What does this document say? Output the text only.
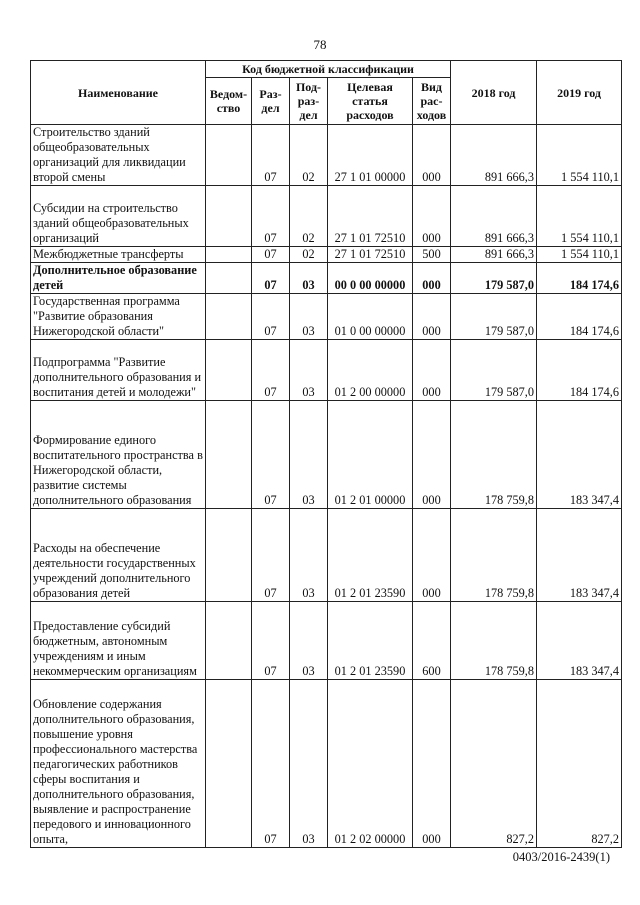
78
Наименование	Код бюджетной классификации					2018 год	2019 год
	Ведом-ство	Раз-дел	Под-раз-дел	Целевая статья расходов	Вид рас-ходов		
Строительство зданий общеобразовательных организаций для ликвидации второй смены		07	02	27 1 01 00000	000	891 666,3	1 554 110,1
Субсидии на строительство зданий общеобразовательных организаций		07	02	27 1 01 72510	000	891 666,3	1 554 110,1
Межбюджетные трансферты		07	02	27 1 01 72510	500	891 666,3	1 554 110,1
Дополнительное образование детей		07	03	00 0 00 00000	000	179 587,0	184 174,6
Государственная программа "Развитие образования Нижегородской области"		07	03	01 0 00 00000	000	179 587,0	184 174,6
Подпрограмма "Развитие дополнительного образования и воспитания детей и молодежи"		07	03	01 2 00 00000	000	179 587,0	184 174,6
Формирование единого воспитательного пространства в Нижегородской области, развитие системы дополнительного образования		07	03	01 2 01 00000	000	178 759,8	183 347,4
Расходы на обеспечение деятельности государственных учреждений дополнительного образования детей		07	03	01 2 01 23590	000	178 759,8	183 347,4
Предоставление субсидий бюджетным, автономным учреждениям и иным некоммерческим организациям		07	03	01 2 01 23590	600	178 759,8	183 347,4
Обновление содержания дополнительного образования, повышение уровня профессионального мастерства педагогических работников сферы воспитания и дополнительного образования, выявление и распространение передового и инновационного опыта,		07	03	01 2 02 00000	000	827,2	827,2
0403/2016-2439(1)
